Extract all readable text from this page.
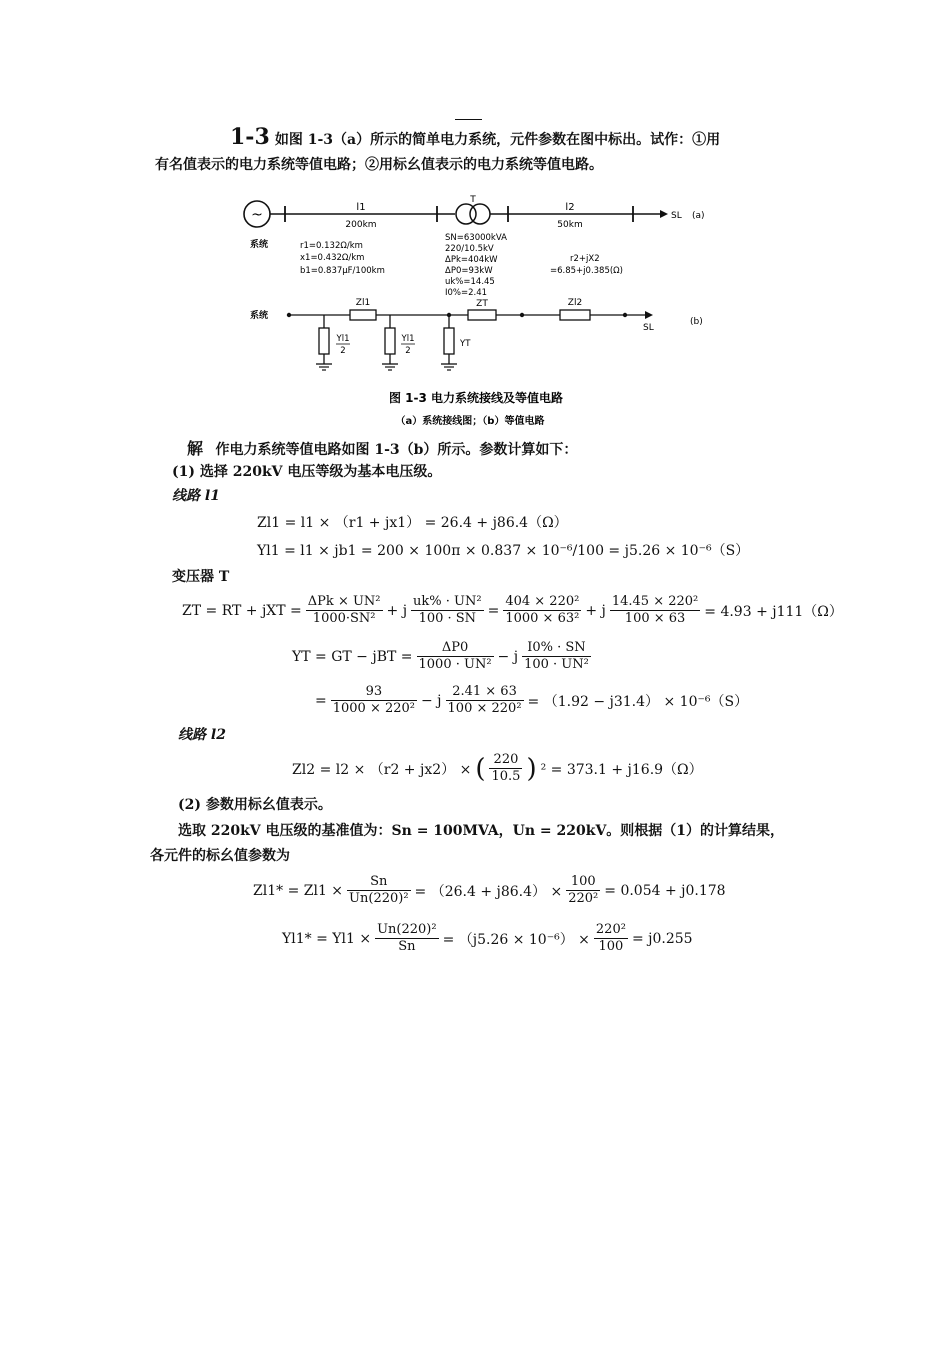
1-3 如图 1-3（a）所示的简单电力系统，元件参数在图中标出。试作：①用
有名值表示的电力系统等值电路；②用标幺值表示的电力系统等值电路。
~	l1
200km
T
l2
50km
SL (a)
系统	r1=0.132Ω/km
x1=0.432Ω/km
b1=0.837μF/100km
SN=63000kVA
220/10.5kV
ΔPk=404kW
ΔP0=93kW
uk%=14.45
I0%=2.41
r2+jX2
=6.85+j0.385(Ω)
系统
Zl1	ZT	Zl2
SL
(b)
Yl1
2
Yl1
2
YT
图 1-3 电力系统接线及等值电路
（a）系统接线图；（b）等值电路
解 作电力系统等值电路如图 1-3（b）所示。参数计算如下：
(1) 选择 220kV 电压等级为基本电压级。
线路 l1
Zl1 = l1 × （r1 + jx1） = 26.4 + j86.4（Ω）
Yl1 = l1 × jb1 = 200 × 100π × 0.837 × 10⁻⁶/100 = j5.26 × 10⁻⁶（S）
变压器 T
ZT = RT + jXT = $\frac{\text{ΔPk × UN²}}{\text{1000·SN²}} + j \frac{\text{uk\% · UN²}}{100 \cdot SN} = \frac{\text{404 × 220²}}{\text{1000 × 63²}} + j \frac{\text{14.45 × 220²}}{100 \times 63} = 4.93 + j111(\Omega)$
YT = GT − jBT = $\frac{\Delta P0}{\text{1000 · UN²}} - j \frac{I0\% \cdot SN}{\text{100 · UN²}}$
= $\frac{93}{\text{1000 × 220²}} - j \frac{2.41 \times 63}{\text{100 × 220²}} = (1.92 - j31.4) \times 10^{-6}(S)$
线路 l2
Zl2 = l2 × （r2 + jx2） × ( $\frac{220}{10.5}$ ) ² = 373.1 + j16.9（Ω）
(2) 参数用标幺值表示。
选取 220kV 电压级的基准值为：Sn = 100MVA，Un = 220kV。则根据（1）的计算结果，
各元件的标幺值参数为
$Zl1* = Zl1 \times \frac{Sn}{\text{Un(220)²}} = (26.4 + j86.4) \times \frac{100}{\text{220²}} = 0.054 + j0.178$
$Yl1* = Yl1 \times \frac{\text{Un(220)²}}{Sn} = (j5.26 \times 10^{-6}) \times \frac{\text{220²}}{100} = j0.255$
